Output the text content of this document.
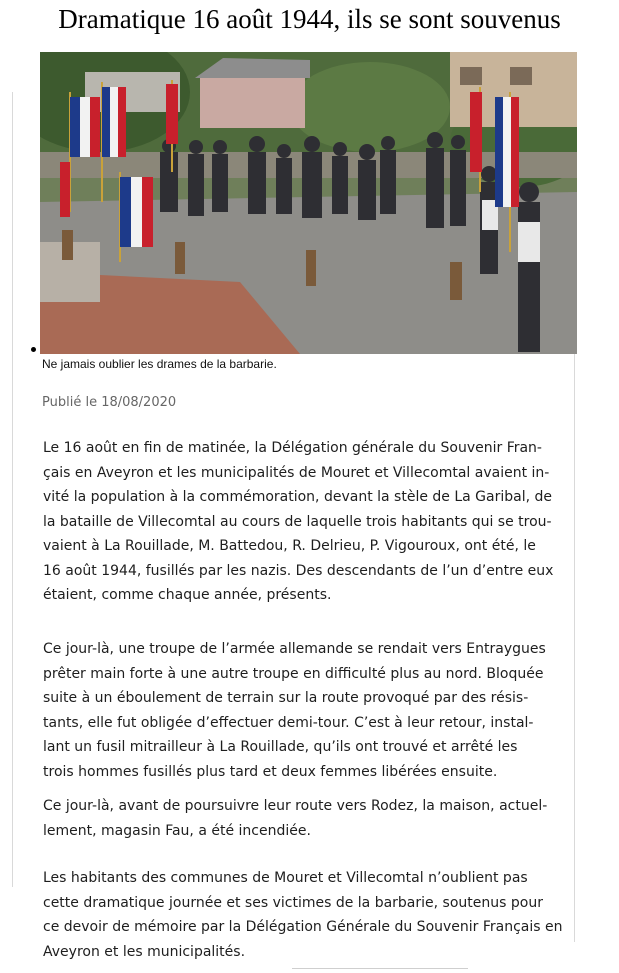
Dramatique 16 août 1944, ils se sont souvenus
Ne jamais oublier les drames de la barbarie.
Publié le 18/08/2020

Le 16 août en fin de matinée, la Délégation générale du Souvenir Fran-
çais en Aveyron et les municipalités de Mouret et Villecomtal avaient in-
vité la population à la commémoration, devant la stèle de La Garibal, de
la bataille de Villecomtal au cours de laquelle trois habitants qui se trou-
vaient à La Rouillade, M. Battedou, R. Delrieu, P. Vigouroux, ont été, le
16 août 1944, fusillés par les nazis. Des descendants de l’un d’entre eux
étaient, comme chaque année, présents.

Ce jour-là, une troupe de l’armée allemande se rendait vers Entraygues
prêter main forte à une autre troupe en difficulté plus au nord. Bloquée
suite à un éboulement de terrain sur la route provoqué par des résis-
tants, elle fut obligée d’effectuer demi-tour. C’est à leur retour, instal-
lant un fusil mitrailleur à La Rouillade, qu’ils ont trouvé et arrêté les
trois hommes fusillés plus tard et deux femmes libérées ensuite.

Ce jour-là, avant de poursuivre leur route vers Rodez, la maison, actuel-
lement, magasin Fau, a été incendiée.

Les habitants des communes de Mouret et Villecomtal n’oublient pas
cette dramatique journée et ses victimes de la barbarie, soutenus pour
ce devoir de mémoire par la Délégation Générale du Souvenir Français en
Aveyron et les municipalités.
